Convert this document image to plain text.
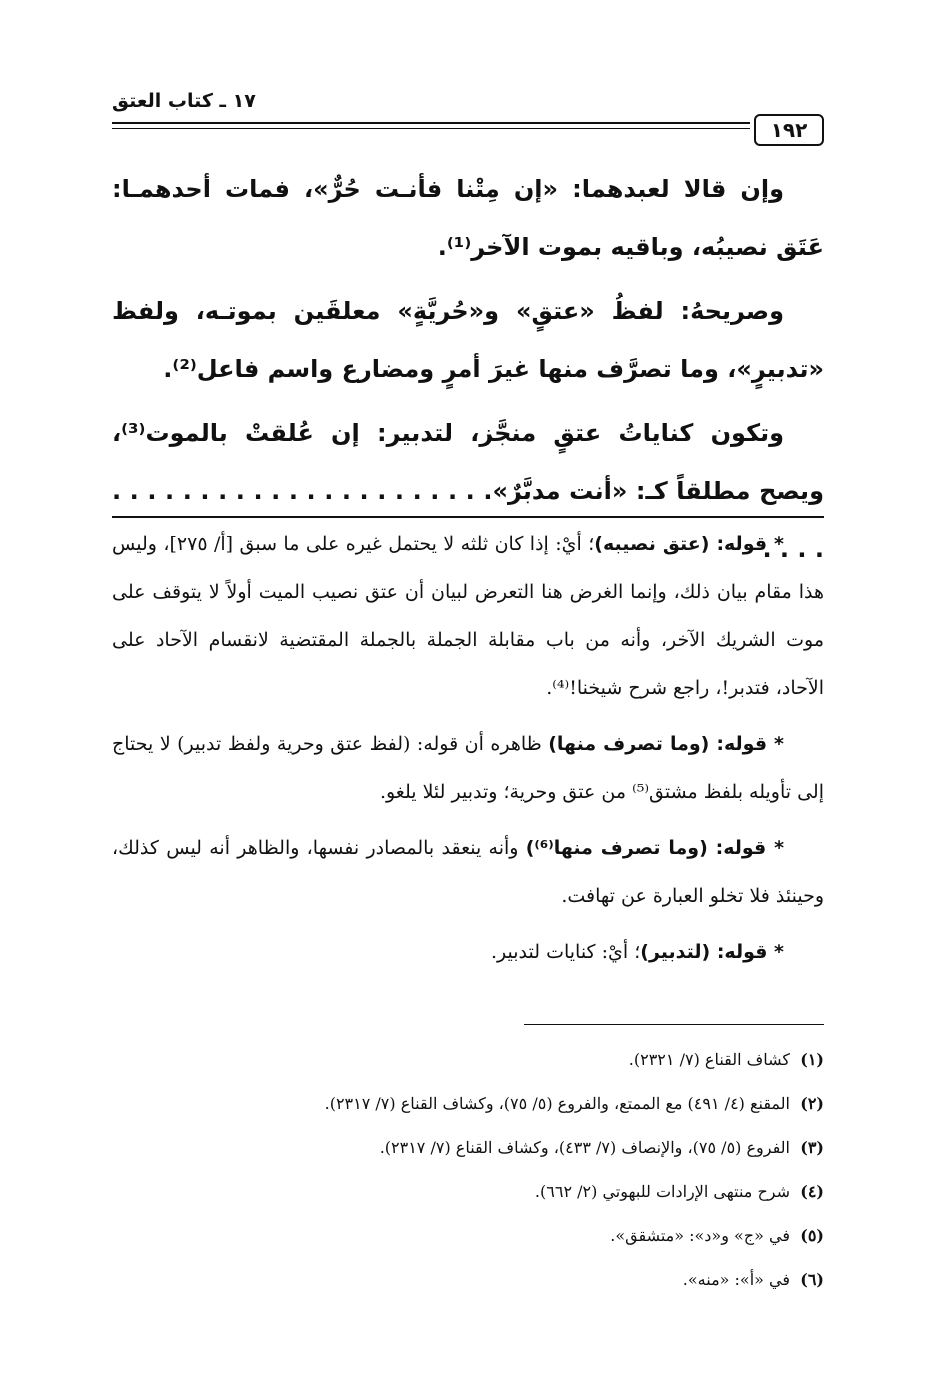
١٧ ـ كتاب العتق
١٩٢

وإن قالا لعبدهما: «إن مِتْنا فأنـت حُرٌّ»، فمات أحدهمـا: عَتَق نصيبُه، وباقيه بموت الآخر⁽¹⁾.

وصريحهُ: لفظُ «عتقٍ» و«حُريَّةٍ» معلقَين بموتـه، ولفظ «تدبيرٍ»، وما تصرَّف منها غيرَ أمرٍ ومضارع واسم فاعل⁽²⁾.

وتكون كناياتُ عتقٍ منجَّز، لتدبير: إن عُلقتْ بالموت⁽³⁾، ويصح مطلقاً كـ: «أنت مدبَّرٌ». . . . . . . . . . . . . . . . . . . . . . . . . .

* قوله: (عتق نصيبه)؛ أيْ: إذا كان ثلثه لا يحتمل غيره على ما سبق [أ/ ٢٧٥]، وليس هذا مقام بيان ذلك، وإنما الغرض هنا التعرض لبيان أن عتق نصيب الميت أولاً لا يتوقف على موت الشريك الآخر، وأنه من باب مقابلة الجملة بالجملة المقتضية لانقسام الآحاد على الآحاد، فتدبر!، راجع شرح شيخنا!⁽⁴⁾.

* قوله: (وما تصرف منها) ظاهره أن قوله: (لفظ عتق وحرية ولفظ تدبير) لا يحتاج إلى تأويله بلفظ مشتق⁽⁵⁾ من عتق وحرية؛ وتدبير لئلا يلغو.

* قوله: (وما تصرف منها⁽⁶⁾) وأنه ينعقد بالمصادر نفسها، والظاهر أنه ليس كذلك، وحينئذ فلا تخلو العبارة عن تهافت.

* قوله: (لتدبير)؛ أيْ: كنايات لتدبير.

(١)كشاف القناع (٧/ ٢٣٢١).
(٢)المقنع (٤/ ٤٩١) مع الممتع، والفروع (٥/ ٧٥)، وكشاف القناع (٧/ ٢٣١٧).
(٣)الفروع (٥/ ٧٥)، والإنصاف (٧/ ٤٣٣)، وكشاف القناع (٧/ ٢٣١٧).
(٤)شرح منتهى الإرادات للبهوتي (٢/ ٦٦٢).
(٥)في «ج» و«د»: «متشقق».
(٦)في «أ»: «منه».
